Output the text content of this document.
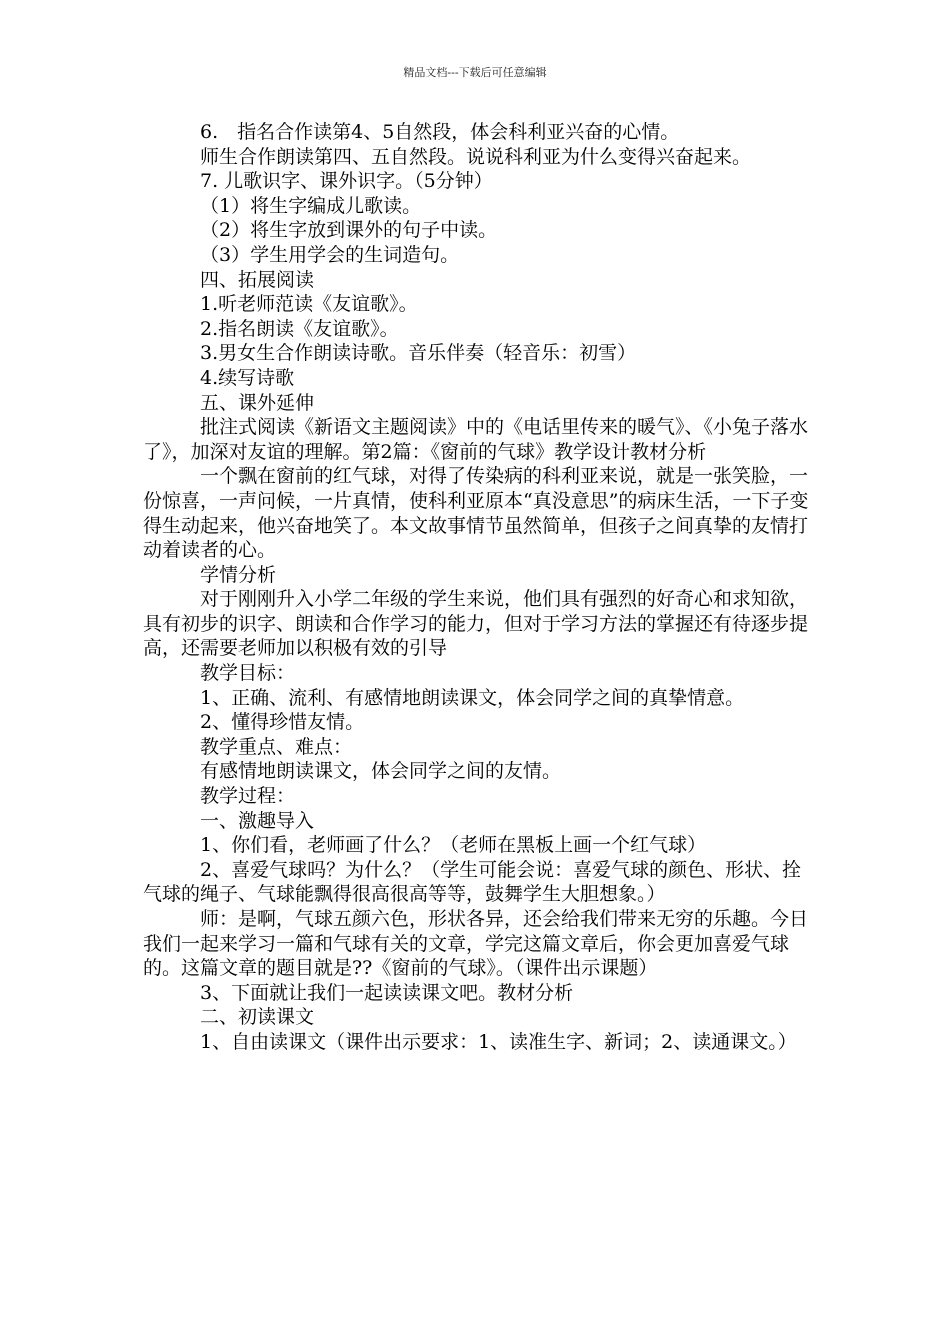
精品文档---下载后可任意编辑

6.　指名合作读第4、5自然段，体会科利亚兴奋的心情。

师生合作朗读第四、五自然段。说说科利亚为什么变得兴奋起来。

7. 儿歌识字、课外识字。（5分钟）

（1）将生字编成儿歌读。

（2）将生字放到课外的句子中读。

（3）学生用学会的生词造句。

四、拓展阅读

1.听老师范读《友谊歌》。

2.指名朗读《友谊歌》。

3.男女生合作朗读诗歌。音乐伴奏（轻音乐：初雪）

4.续写诗歌

五、课外延伸

批注式阅读《新语文主题阅读》中的《电话里传来的暖气》、《小兔子落水了》，加深对友谊的理解。第2篇：《窗前的气球》教学设计教材分析

一个飘在窗前的红气球，对得了传染病的科利亚来说，就是一张笑脸，一份惊喜，一声问候，一片真情，使科利亚原本“真没意思”的病床生活，一下子变得生动起来，他兴奋地笑了。本文故事情节虽然简单，但孩子之间真挚的友情打动着读者的心。

学情分析

对于刚刚升入小学二年级的学生来说，他们具有强烈的好奇心和求知欲，具有初步的识字、朗读和合作学习的能力，但对于学习方法的掌握还有待逐步提高，还需要老师加以积极有效的引导

教学目标：

1、正确、流利、有感情地朗读课文，体会同学之间的真挚情意。

2、懂得珍惜友情。

教学重点、难点：

有感情地朗读课文，体会同学之间的友情。

教学过程：

一、激趣导入

1、你们看，老师画了什么？（老师在黑板上画一个红气球）

2、喜爱气球吗？为什么？（学生可能会说：喜爱气球的颜色、形状、拴气球的绳子、气球能飘得很高很高等等，鼓舞学生大胆想象。）

师：是啊，气球五颜六色，形状各异，还会给我们带来无穷的乐趣。今日我们一起来学习一篇和气球有关的文章，学完这篇文章后，你会更加喜爱气球的。这篇文章的题目就是??《窗前的气球》。（课件出示课题）

3、下面就让我们一起读读课文吧。教材分析

二、初读课文

1、自由读课文（课件出示要求：1、读准生字、新词；2、读通课文。）
